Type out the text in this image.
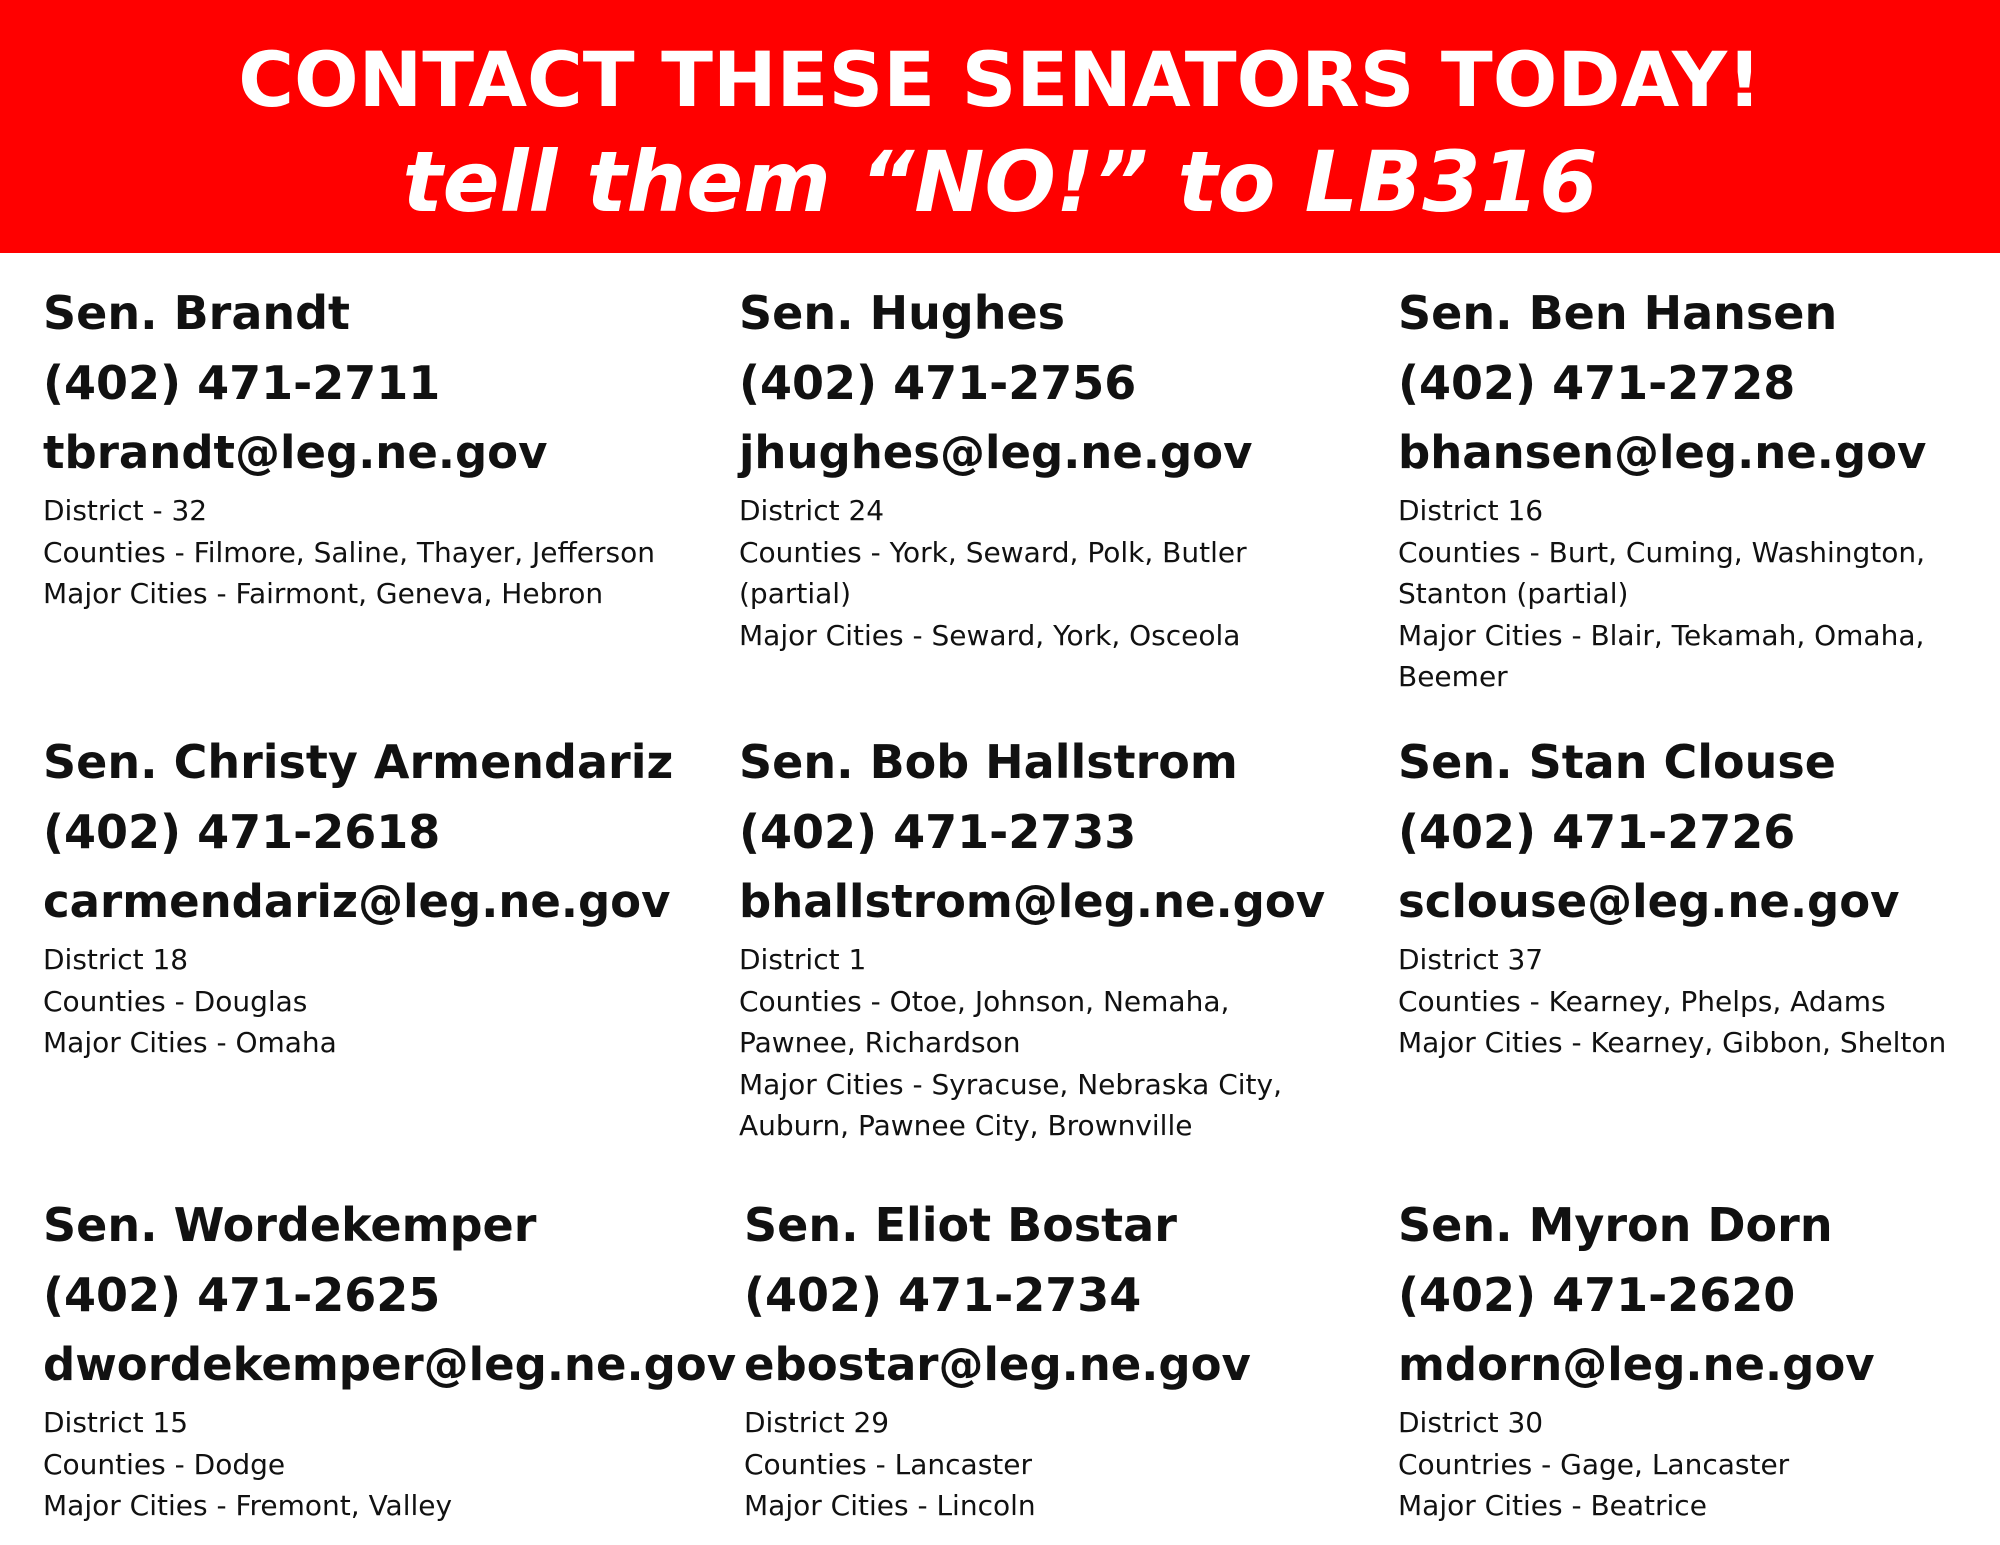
CONTACT THESE SENATORS TODAY!
tell them “NO!” to LB316
Sen. Brandt
(402) 471-2711
tbrandt@leg.ne.gov
District - 32
Counties - Filmore, Saline, Thayer, Jefferson
Major Cities - Fairmont, Geneva, Hebron
Sen. Hughes
(402) 471-2756
jhughes@leg.ne.gov
District 24
Counties - York, Seward, Polk, Butler
(partial)
Major Cities - Seward, York, Osceola
Sen. Ben Hansen
(402) 471-2728
bhansen@leg.ne.gov
District 16
Counties - Burt, Cuming, Washington,
Stanton (partial)
Major Cities - Blair, Tekamah, Omaha,
Beemer
Sen. Christy Armendariz
(402) 471-2618
carmendariz@leg.ne.gov
District 18
Counties - Douglas
Major Cities - Omaha
Sen. Bob Hallstrom
(402) 471-2733
bhallstrom@leg.ne.gov
District 1
Counties - Otoe, Johnson, Nemaha,
Pawnee, Richardson
Major Cities - Syracuse, Nebraska City,
Auburn, Pawnee City, Brownville
Sen. Stan Clouse
(402) 471-2726
sclouse@leg.ne.gov
District 37
Counties - Kearney, Phelps, Adams
Major Cities - Kearney, Gibbon, Shelton
Sen. Wordekemper
(402) 471-2625
dwordekemper@leg.ne.gov
District 15
Counties - Dodge
Major Cities - Fremont, Valley
Sen. Eliot Bostar
(402) 471-2734
ebostar@leg.ne.gov
District 29
Counties - Lancaster
Major Cities - Lincoln
Sen. Myron Dorn
(402) 471-2620
mdorn@leg.ne.gov
District 30
Countries - Gage, Lancaster
Major Cities - Beatrice
